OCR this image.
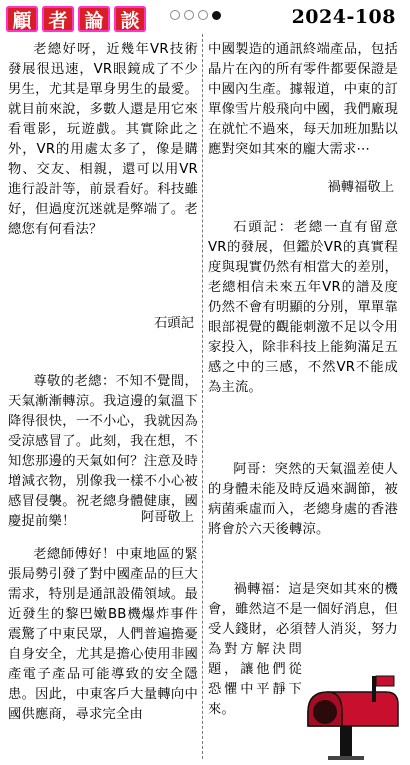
顧 者 論 談	2024-108

老總好呀，近幾年VR技術發展很迅速，VR眼鏡成了不少男生，尤其是單身男生的最愛。就目前來說，多數人還是用它來看電影，玩遊戲。其實除此之外，VR的用處太多了，像是購物、交友、相親，還可以用VR進行設計等，前景看好。科技雖好，但過度沉迷就是弊端了。老總您有何看法？

石頭記

尊敬的老總：不知不覺間，天氣漸漸轉涼。我這邊的氣溫下降得很快，一不小心，我就因為受涼感冒了。此刻，我在想，不知您那邊的天氣如何？注意及時增減衣物，別像我一樣不小心被感冒侵襲。祝老總身體健康，國慶捉前樂！	阿哥敬上

老總師傅好！中東地區的緊張局勢引發了對中國產品的巨大需求，特別是通訊設備領域。最近發生的黎巴嫩BB機爆炸事件震驚了中東民眾，人們普遍擔憂自身安全，尤其是擔心使用非國產電子產品可能導致的安全隱患。因此，中東客戶大量轉向中國供應商，尋求完全由

中國製造的通訊終端產品，包括晶片在內的所有零件都要保證是中國內生產。據報道，中東的訂單像雪片般飛向中國，我們廠現在就忙不過來，每天加班加點以應對突如其來的龐大需求⋯

禍轉福敬上

石頭記：老總一直有留意VR的發展，但鑑於VR的真實程度與現實仍然有相當大的差別，老總相信未來五年VR的譜及度仍然不會有明顯的分別，單單靠眼部視覺的觀能刺激不足以令用家投入，除非科技上能夠滿足五感之中的三感，不然VR不能成為主流。

阿哥：突然的天氣溫差使人的身體未能及時反過來調節，被病菌乘虛而入，老總身處的香港將會於六天後轉涼。

禍轉福：這是突如其來的機會，雖然這不是一個好消息，但受人錢財，必須替人消災，努力為對方解決問題，讓他們從恐懼中平靜下來。
